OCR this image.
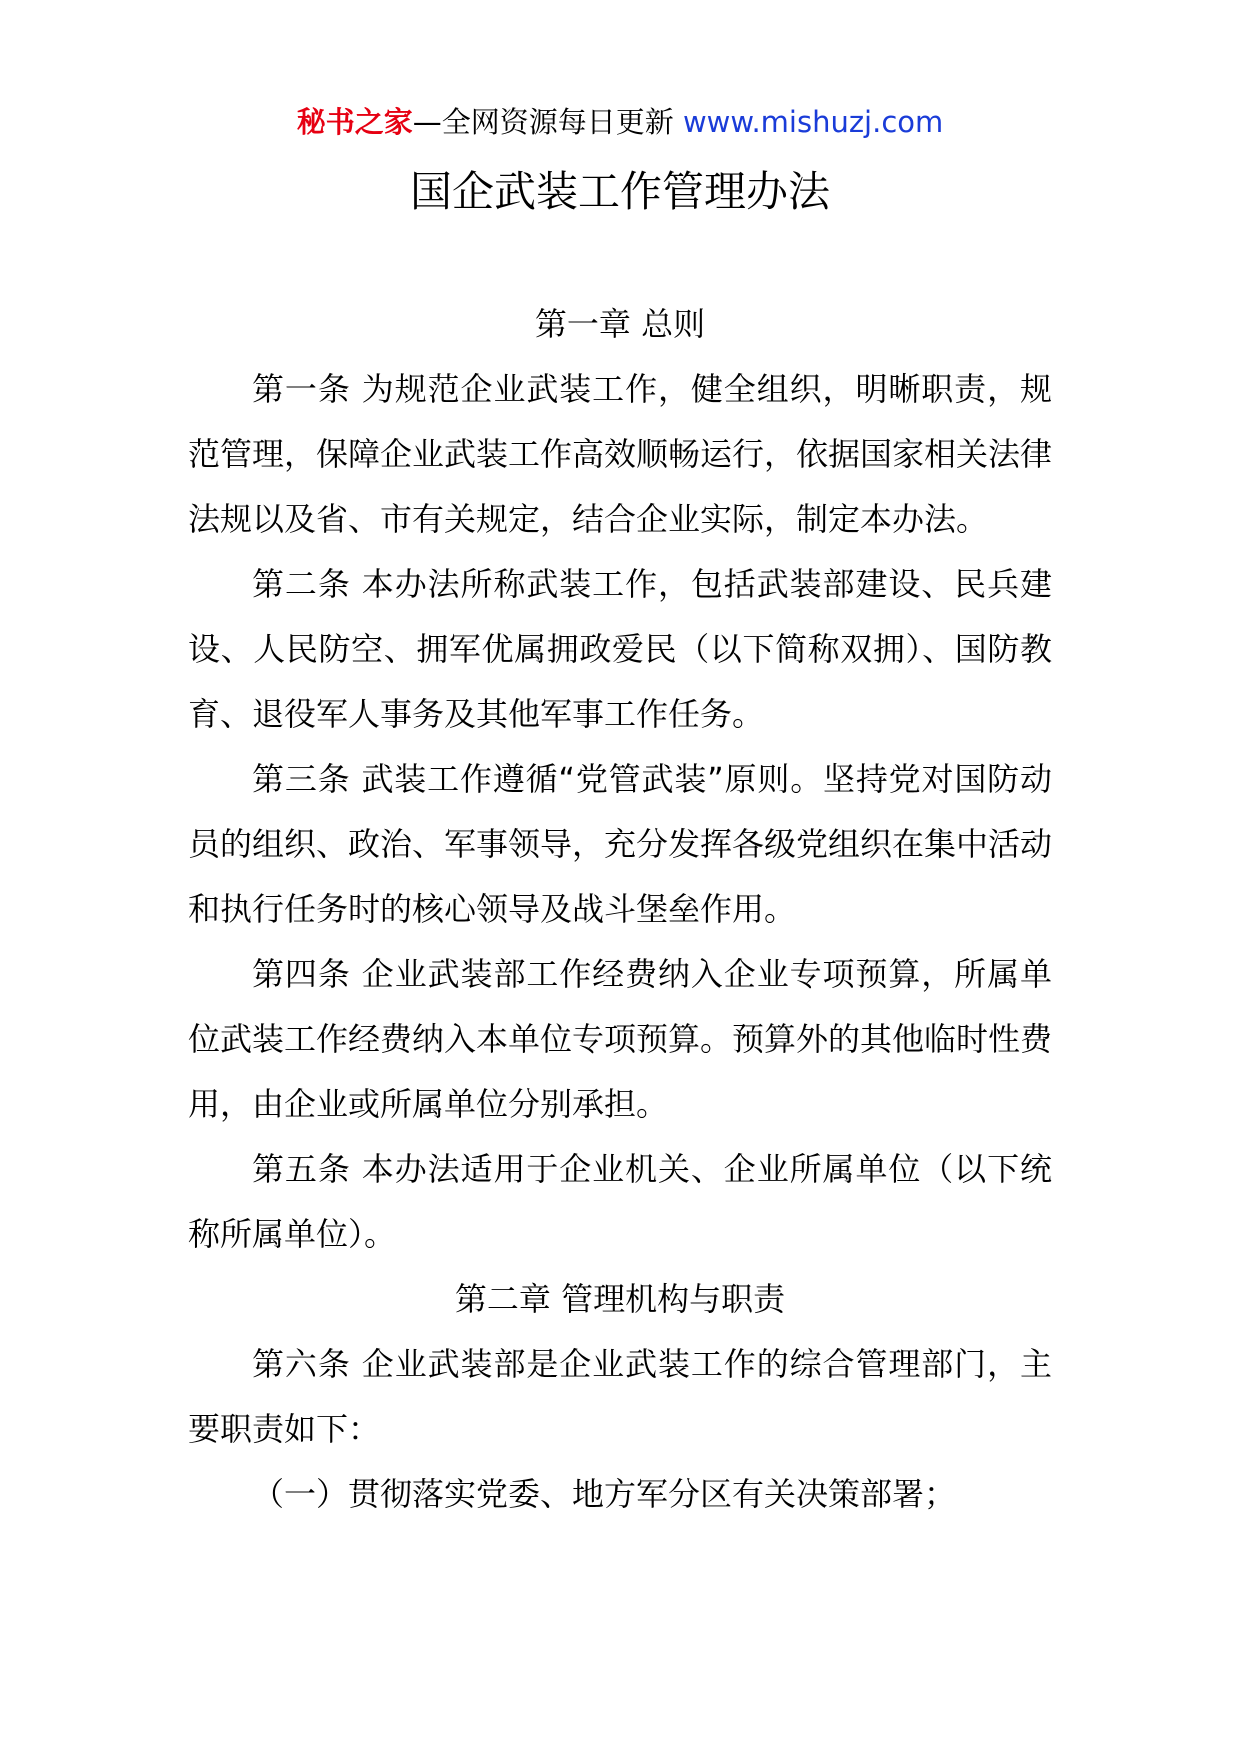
秘书之家—全网资源每日更新 www.mishuzj.com
国企武装工作管理办法

第一章 总则

第一条 为规范企业武装工作，健全组织，明晰职责，规范管理，保障企业武装工作高效顺畅运行，依据国家相关法律法规以及省、市有关规定，结合企业实际，制定本办法。

第二条 本办法所称武装工作，包括武装部建设、民兵建设、人民防空、拥军优属拥政爱民（以下简称双拥）、国防教育、退役军人事务及其他军事工作任务。

第三条 武装工作遵循“党管武装”原则。坚持党对国防动员的组织、政治、军事领导，充分发挥各级党组织在集中活动和执行任务时的核心领导及战斗堡垒作用。

第四条 企业武装部工作经费纳入企业专项预算，所属单位武装工作经费纳入本单位专项预算。预算外的其他临时性费用，由企业或所属单位分别承担。

第五条 本办法适用于企业机关、企业所属单位（以下统称所属单位）。

第二章 管理机构与职责

第六条 企业武装部是企业武装工作的综合管理部门，主要职责如下：

（一）贯彻落实党委、地方军分区有关决策部署；
